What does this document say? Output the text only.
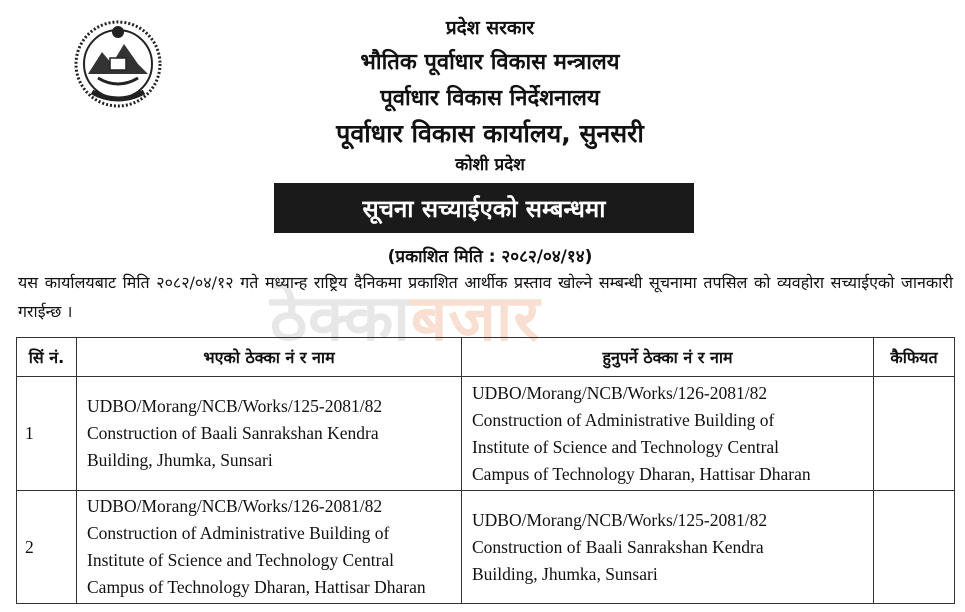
प्रदेश सरकार
भौतिक पूर्वाधार विकास मन्त्रालय
पूर्वाधार विकास निर्देशनालय
पूर्वाधार विकास कार्यालय, सुनसरी
कोशी प्रदेश
सूचना सच्याईएको सम्बन्धमा
(प्रकाशित मिति : २०८२/०४/१४)
ठेक्काबजार

यस कार्यालयबाट मिति २०८२/०४/१२ गते मध्यान्ह राष्ट्रिय दैनिकमा प्रकाशित आर्थीक प्रस्ताव खोल्ने सम्बन्धी सूचनामा तपसिल को व्यवहोरा सच्याईएको जानकारी गराईन्छ ।

सिं नं.	भएको ठेक्का नं र नाम	हुनुपर्ने ठेक्का नं र नाम	कैफियत
1	UDBO/Morang/NCB/Works/125-2081/82
Construction of Baali Sanrakshan Kendra
Building, Jhumka, Sunsari	UDBO/Morang/NCB/Works/126-2081/82
Construction of Administrative Building of
Institute of Science and Technology Central
Campus of Technology Dharan, Hattisar Dharan	

2	UDBO/Morang/NCB/Works/126-2081/82
Construction of Administrative Building of
Institute of Science and Technology Central
Campus of Technology Dharan, Hattisar Dharan	UDBO/Morang/NCB/Works/125-2081/82
Construction of Baali Sanrakshan Kendra
Building, Jhumka, Sunsari	
